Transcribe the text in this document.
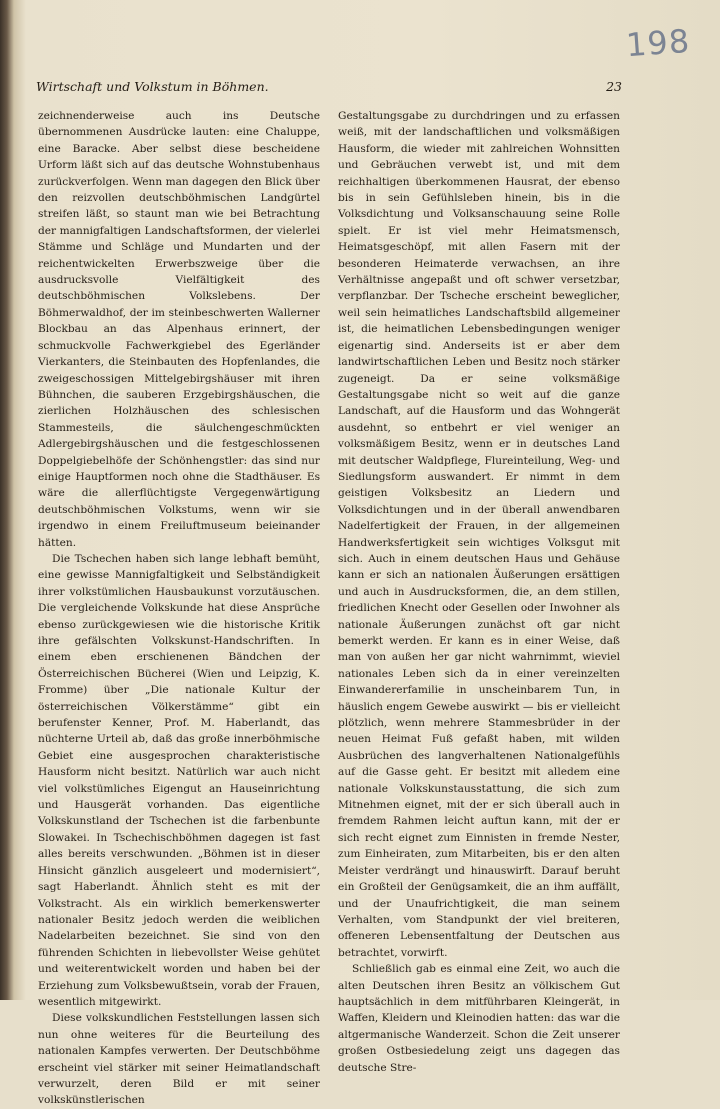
198
Wirtschaft und Volkstum in Böhmen.	23

zeichnenderweise auch ins Deutsche übernommenen Ausdrücke lauten: eine Chaluppe, eine Baracke. Aber selbst diese bescheidene Urform läßt sich auf das deutsche Wohnstubenhaus zurückverfolgen. Wenn man dagegen den Blick über den reizvollen deutschböhmischen Landgürtel streifen läßt, so staunt man wie bei Betrachtung der mannigfaltigen Landschaftsformen, der vielerlei Stämme und Schläge und Mundarten und der reichentwickelten Erwerbszweige über die ausdrucksvolle Vielfältigkeit des deutschböhmischen Volkslebens. Der Böhmerwaldhof, der im steinbeschwerten Wallerner Blockbau an das Alpenhaus erinnert, der schmuckvolle Fachwerkgiebel des Egerländer Vierkanters, die Steinbauten des Hopfenlandes, die zweigeschossigen Mittelgebirgshäuser mit ihren Bühnchen, die sauberen Erzgebirgshäuschen, die zierlichen Holzhäuschen des schlesischen Stammesteils, die säulchengeschmückten Adlergebirgshäuschen und die festgeschlossenen Doppelgiebelhöfe der Schönhengstler: das sind nur einige Hauptformen noch ohne die Stadthäuser. Es wäre die allerflüchtigste Vergegenwärtigung deutschböhmischen Volkstums, wenn wir sie irgendwo in einem Freiluftmuseum beieinander hätten.

Die Tschechen haben sich lange lebhaft bemüht, eine gewisse Mannigfaltigkeit und Selbständigkeit ihrer volkstümlichen Hausbaukunst vorzutäuschen. Die vergleichende Volkskunde hat diese Ansprüche ebenso zurückgewiesen wie die historische Kritik ihre gefälschten Volkskunst-Handschriften. In einem eben erschienenen Bändchen der Österreichischen Bücherei (Wien und Leipzig, K. Fromme) über „Die nationale Kultur der österreichischen Völkerstämme“ gibt ein berufenster Kenner, Prof. M. Haberlandt, das nüchterne Urteil ab, daß das große innerböhmische Gebiet eine ausgesprochen charakteristische Hausform nicht besitzt. Natürlich war auch nicht viel volkstümliches Eigengut an Hauseinrichtung und Hausgerät vorhanden. Das eigentliche Volkskunstland der Tschechen ist die farbenbunte Slowakei. In Tschechischböhmen dagegen ist fast alles bereits verschwunden. „Böhmen ist in dieser Hinsicht gänzlich ausgeleert und modernisiert“, sagt Haberlandt. Ähnlich steht es mit der Volkstracht. Als ein wirklich bemerkenswerter nationaler Besitz jedoch werden die weiblichen Nadelarbeiten bezeichnet. Sie sind von den führenden Schichten in liebevollster Weise gehütet und weiterentwickelt worden und haben bei der Erziehung zum Volksbewußtsein, vorab der Frauen, wesentlich mitgewirkt.

Diese volkskundlichen Feststellungen lassen sich nun ohne weiteres für die Beurteilung des nationalen Kampfes verwerten. Der Deutschböhme erscheint viel stärker mit seiner Heimatlandschaft verwurzelt, deren Bild er mit seiner volkskünstlerischen

Gestaltungsgabe zu durchdringen und zu erfassen weiß, mit der landschaftlichen und volksmäßigen Hausform, die wieder mit zahlreichen Wohnsitten und Gebräuchen verwebt ist, und mit dem reichhaltigen überkommenen Hausrat, der ebenso bis in sein Gefühlsleben hinein, bis in die Volksdichtung und Volksanschauung seine Rolle spielt. Er ist viel mehr Heimatsmensch, Heimatsgeschöpf, mit allen Fasern mit der besonderen Heimaterde verwachsen, an ihre Verhältnisse angepaßt und oft schwer versetzbar, verpflanzbar. Der Tscheche erscheint beweglicher, weil sein heimatliches Landschaftsbild allgemeiner ist, die heimatlichen Lebensbedingungen weniger eigenartig sind. Anderseits ist er aber dem landwirtschaftlichen Leben und Besitz noch stärker zugeneigt. Da er seine volksmäßige Gestaltungsgabe nicht so weit auf die ganze Landschaft, auf die Hausform und das Wohngerät ausdehnt, so entbehrt er viel weniger an volksmäßigem Besitz, wenn er in deutsches Land mit deutscher Waldpflege, Flureinteilung, Weg- und Siedlungsform auswandert. Er nimmt in dem geistigen Volksbesitz an Liedern und Volksdichtungen und in der überall anwendbaren Nadelfertigkeit der Frauen, in der allgemeinen Handwerksfertigkeit sein wichtiges Volksgut mit sich. Auch in einem deutschen Haus und Gehäuse kann er sich an nationalen Äußerungen ersättigen und auch in Ausdrucksformen, die, an dem stillen, friedlichen Knecht oder Gesellen oder Inwohner als nationale Äußerungen zunächst oft gar nicht bemerkt werden. Er kann es in einer Weise, daß man von außen her gar nicht wahrnimmt, wieviel nationales Leben sich da in einer vereinzelten Einwandererfamilie in unscheinbarem Tun, in häuslich engem Gewebe auswirkt — bis er vielleicht plötzlich, wenn mehrere Stammesbrüder in der neuen Heimat Fuß gefaßt haben, mit wilden Ausbrüchen des langverhaltenen Nationalgefühls auf die Gasse geht. Er besitzt mit alledem eine nationale Volkskunstausstattung, die sich zum Mitnehmen eignet, mit der er sich überall auch in fremdem Rahmen leicht auftun kann, mit der er sich recht eignet zum Einnisten in fremde Nester, zum Einheiraten, zum Mitarbeiten, bis er den alten Meister verdrängt und hinauswirft. Darauf beruht ein Großteil der Genügsamkeit, die an ihm auffällt, und der Unaufrichtigkeit, die man seinem Verhalten, vom Standpunkt der viel breiteren, offeneren Lebensentfaltung der Deutschen aus betrachtet, vorwirft.

Schließlich gab es einmal eine Zeit, wo auch die alten Deutschen ihren Besitz an völkischem Gut hauptsächlich in dem mitführbaren Kleingerät, in Waffen, Kleidern und Kleinodien hatten: das war die altgermanische Wanderzeit. Schon die Zeit unserer großen Ostbesiedelung zeigt uns dagegen das deutsche Stre-
